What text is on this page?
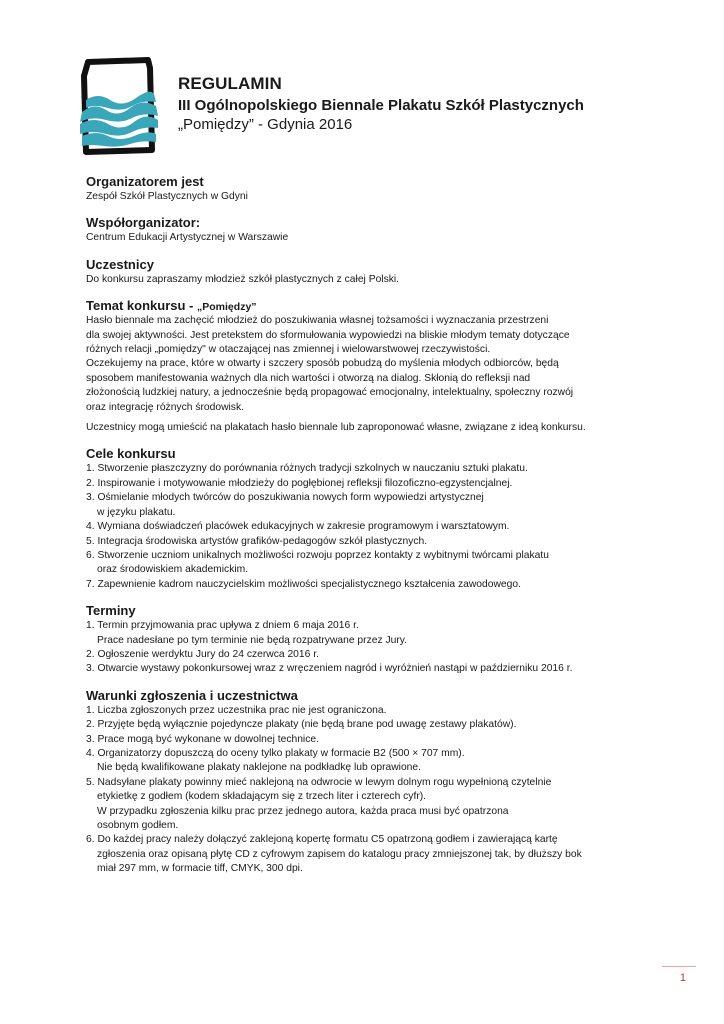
REGULAMIN
III Ogólnopolskiego Biennale Plakatu Szkół Plastycznych
„Pomiędzy” - Gdynia 2016
Organizatorem jest
Zespół Szkół Plastycznych w Gdyni
Współorganizator:
Centrum Edukacji Artystycznej w Warszawie
Uczestnicy
Do konkursu zapraszamy młodzież szkół plastycznych z całej Polski.
Temat konkursu - „Pomiędzy”
Hasło biennale ma zachęcić młodzież do poszukiwania własnej tożsamości i wyznaczania przestrzeni
dla swojej aktywności. Jest pretekstem do sformułowania wypowiedzi na bliskie młodym tematy dotyczące
różnych relacji „pomiędzy" w otaczającej nas zmiennej i wielowarstwowej rzeczywistości.
Oczekujemy na prace, które w otwarty i szczery sposób pobudzą do myślenia młodych odbiorców, będą
sposobem manifestowania ważnych dla nich wartości i otworzą na dialog. Skłonią do refleksji nad
złożonością ludzkiej natury, a jednocześnie będą propagować emocjonalny, intelektualny, społeczny rozwój
oraz integrację różnych środowisk.
Uczestnicy mogą umieścić na plakatach hasło biennale lub zaproponować własne, związane z ideą konkursu.
Cele konkursu
1. Stworzenie płaszczyzny do porównania różnych tradycji szkolnych w nauczaniu sztuki plakatu.
2. Inspirowanie i motywowanie młodzieży do pogłębionej refleksji filozoficzno-egzystencjalnej.
3. Ośmielanie młodych twórców do poszukiwania nowych form wypowiedzi artystycznej
w języku plakatu.
4. Wymiana doświadczeń placówek edukacyjnych w zakresie programowym i warsztatowym.
5. Integracja środowiska artystów grafików-pedagogów szkół plastycznych.
6. Stworzenie uczniom unikalnych możliwości rozwoju poprzez kontakty z wybitnymi twórcami plakatu
oraz środowiskiem akademickim.
7. Zapewnienie kadrom nauczycielskim możliwości specjalistycznego kształcenia zawodowego.
Terminy
1. Termin przyjmowania prac upływa z dniem 6 maja 2016 r.
Prace nadesłane po tym terminie nie będą rozpatrywane przez Jury.
2. Ogłoszenie werdyktu Jury do 24 czerwca 2016 r.
3. Otwarcie wystawy pokonkursowej wraz z wręczeniem nagród i wyróżnień nastąpi w październiku 2016 r.
Warunki zgłoszenia i uczestnictwa
1. Liczba zgłoszonych przez uczestnika prac nie jest ograniczona.
2. Przyjęte będą wyłącznie pojedyncze plakaty (nie będą brane pod uwagę zestawy plakatów).
3. Prace mogą być wykonane w dowolnej technice.
4. Organizatorzy dopuszczą do oceny tylko plakaty w formacie B2 (500 × 707 mm).
Nie będą kwalifikowane plakaty naklejone na podkładkę lub oprawione.
5. Nadsyłane plakaty powinny mieć naklejoną na odwrocie w lewym dolnym rogu wypełnioną czytelnie
etykietkę z godłem (kodem składającym się z trzech liter i czterech cyfr).
W przypadku zgłoszenia kilku prac przez jednego autora, każda praca musi być opatrzona
osobnym godłem.
6. Do każdej pracy należy dołączyć zaklejoną kopertę formatu C5 opatrzoną godłem i zawierającą kartę
zgłoszenia oraz opisaną płytę CD z cyfrowym zapisem do katalogu pracy zmniejszonej tak, by dłuższy bok
miał 297 mm, w formacie tiff, CMYK, 300 dpi.
1
